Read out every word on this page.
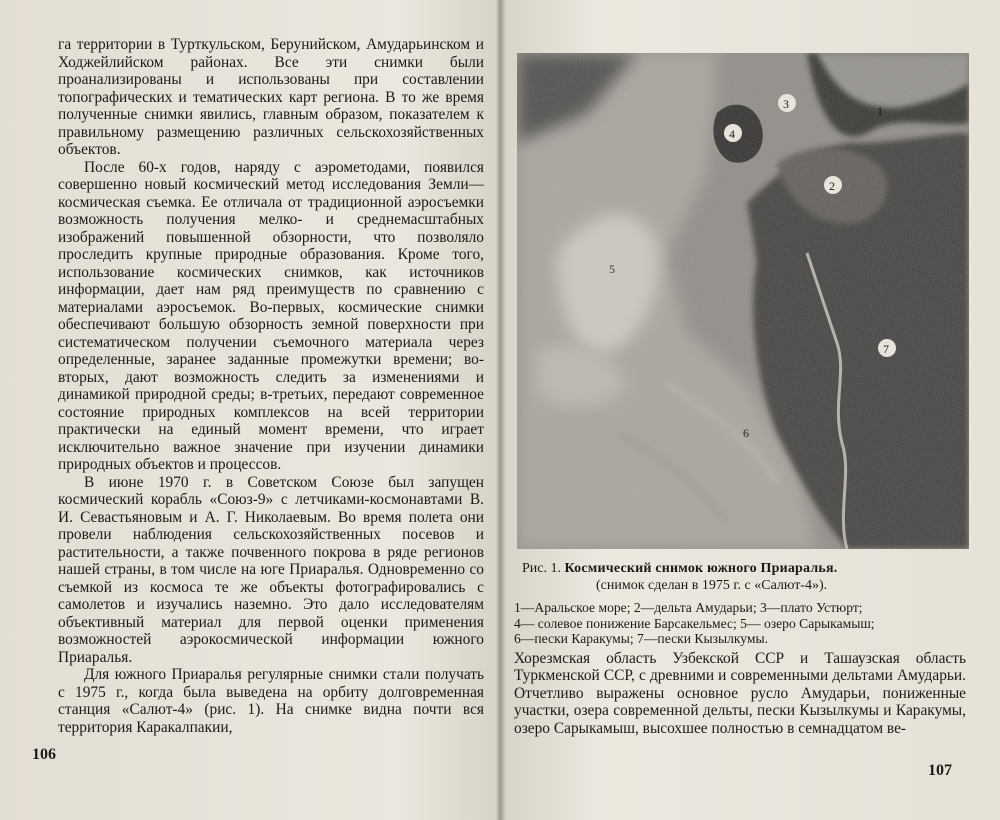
га территории в Турткульском, Берунийском, Амударьинском и Ходжейлийском районах. Все эти снимки были проанализированы и использованы при составлении топографических и тематических карт региона. В то же время полученные снимки явились, главным образом, показателем к правильному размещению различных сельскохозяйственных объектов.

После 60-х годов, наряду с аэрометодами, появился совершенно новый космический метод исследования Земли—космическая съемка. Ее отличала от традиционной аэросъемки возможность получения мелко- и среднемасштабных изображений повышенной обзорности, что позволяло проследить крупные природные образования. Кроме того, использование космических снимков, как источников информации, дает нам ряд преимуществ по сравнению с материалами аэросъемок. Во-первых, космические снимки обеспечивают большую обзорность земной поверхности при систематическом получении съемочного материала через определенные, заранее заданные промежутки времени; во-вторых, дают возможность следить за изменениями и динамикой природной среды; в-третьих, передают современное состояние природных комплексов на всей территории практически на единый момент времени, что играет исключительно важное значение при изучении динамики природных объектов и процессов.

В июне 1970 г. в Советском Союзе был запущен космический корабль «Союз-9» с летчиками-космонавтами В. И. Севастьяновым и А. Г. Николаевым. Во время полета они провели наблюдения сельскохозяйственных посевов и растительности, а также почвенного покрова в ряде регионов нашей страны, в том числе на юге Приаралья. Одновременно со съемкой из космоса те же объекты фотографировались с самолетов и изучались наземно. Это дало исследователям объективный материал для первой оценки применения возможностей аэрокосмической информации южного Приаралья.

Для южного Приаралья регулярные снимки стали получать с 1975 г., когда была выведена на орбиту долговременная станция «Салют-4» (рис. 1). На снимке видна почти вся территория Каракалпакии,

106
1
3
4
2
5
7
6

Рис. 1. Космический снимок южного Приаралья.

(снимок сделан в 1975 г. с «Салют-4»).

1—Аральское море; 2—дельта Амударьи; 3—плато Устюрт;
4— солевое понижение Барсакельмес; 5— озеро Сарыкамыш;
6—пески Каракумы; 7—пески Кызылкумы.

Хорезмская область Узбекской ССР и Ташаузская область Туркменской ССР, с древними и современными дельтами Амударьи. Отчетливо выражены основное русло Амударьи, пониженные участки, озера современной дельты, пески Кызылкумы и Каракумы, озеро Сарыкамыш, высохшее полностью в семнадцатом ве-

107
